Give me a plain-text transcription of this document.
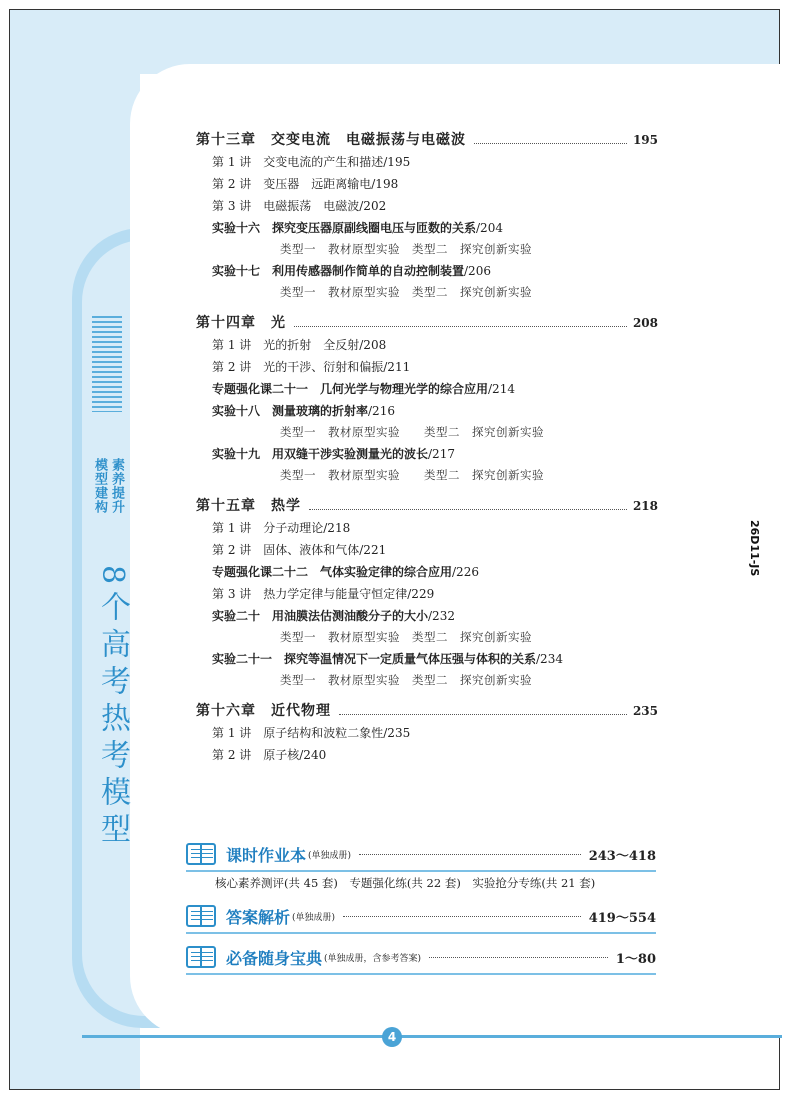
素养提升
模型建构
8个高考热考模型
26D11-JS
第十三章　交变电流　电磁振荡与电磁波	195
第 1 讲　交变电流的产生和描述/195
第 2 讲　变压器　远距离输电/198
第 3 讲　电磁振荡　电磁波/202
实验十六　探究变压器原副线圈电压与匝数的关系/204
类型一　教材原型实验　类型二　探究创新实验
实验十七　利用传感器制作简单的自动控制装置/206
类型一　教材原型实验　类型二　探究创新实验
第十四章　光	208
第 1 讲　光的折射　全反射/208
第 2 讲　光的干涉、衍射和偏振/211
专题强化课二十一　几何光学与物理光学的综合应用/214
实验十八　测量玻璃的折射率/216
类型一　教材原型实验　　类型二　探究创新实验
实验十九　用双缝干涉实验测量光的波长/217
类型一　教材原型实验　　类型二　探究创新实验
第十五章　热学	218
第 1 讲　分子动理论/218
第 2 讲　固体、液体和气体/221
专题强化课二十二　气体实验定律的综合应用/226
第 3 讲　热力学定律与能量守恒定律/229
实验二十　用油膜法估测油酸分子的大小/232
类型一　教材原型实验　类型二　探究创新实验
实验二十一　探究等温情况下一定质量气体压强与体积的关系/234
类型一　教材原型实验　类型二　探究创新实验
第十六章　近代物理	235
第 1 讲　原子结构和波粒二象性/235
第 2 讲　原子核/240
课时作业本 (单独成册)	243～418
答案解析 (单独成册)	419～554
必备随身宝典 (单独成册，含参考答案)	1～80
核心素养测评(共 45 套)　专题强化练(共 22 套)　实验抢分专练(共 21 套)
4
